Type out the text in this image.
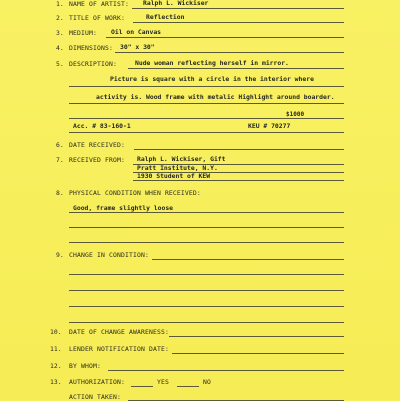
1. NAME OF ARTIST: Ralph L. Wickiser
2. TITLE OF WORK:	Reflection
3. MEDIUM: Oil on Canvas
4. DIMENSIONS: 30" x 30"
5. DESCRIPTION:	Nude woman reflecting herself in mirror.
Picture is square with a circle in the interior where
activity is. Wood frame with metalic Highlight around boarder.
$1000
Acc. # 83-160-1	KEU # 70277
6. DATE RECEIVED:
7. RECEIVED FROM: Ralph L. Wickiser, Gift
Pratt Institute, N.Y.
1930 Student of KEW
8. PHYSICAL CONDITION WHEN RECEIVED:
Good, frame slightly loose
9. CHANGE IN CONDITION:
10. DATE OF CHANGE AWARENESS:
11. LENDER NOTIFICATION DATE:
12. BY WHOM:
13. AUTHORIZATION:	YES	NO
ACTION TAKEN:
